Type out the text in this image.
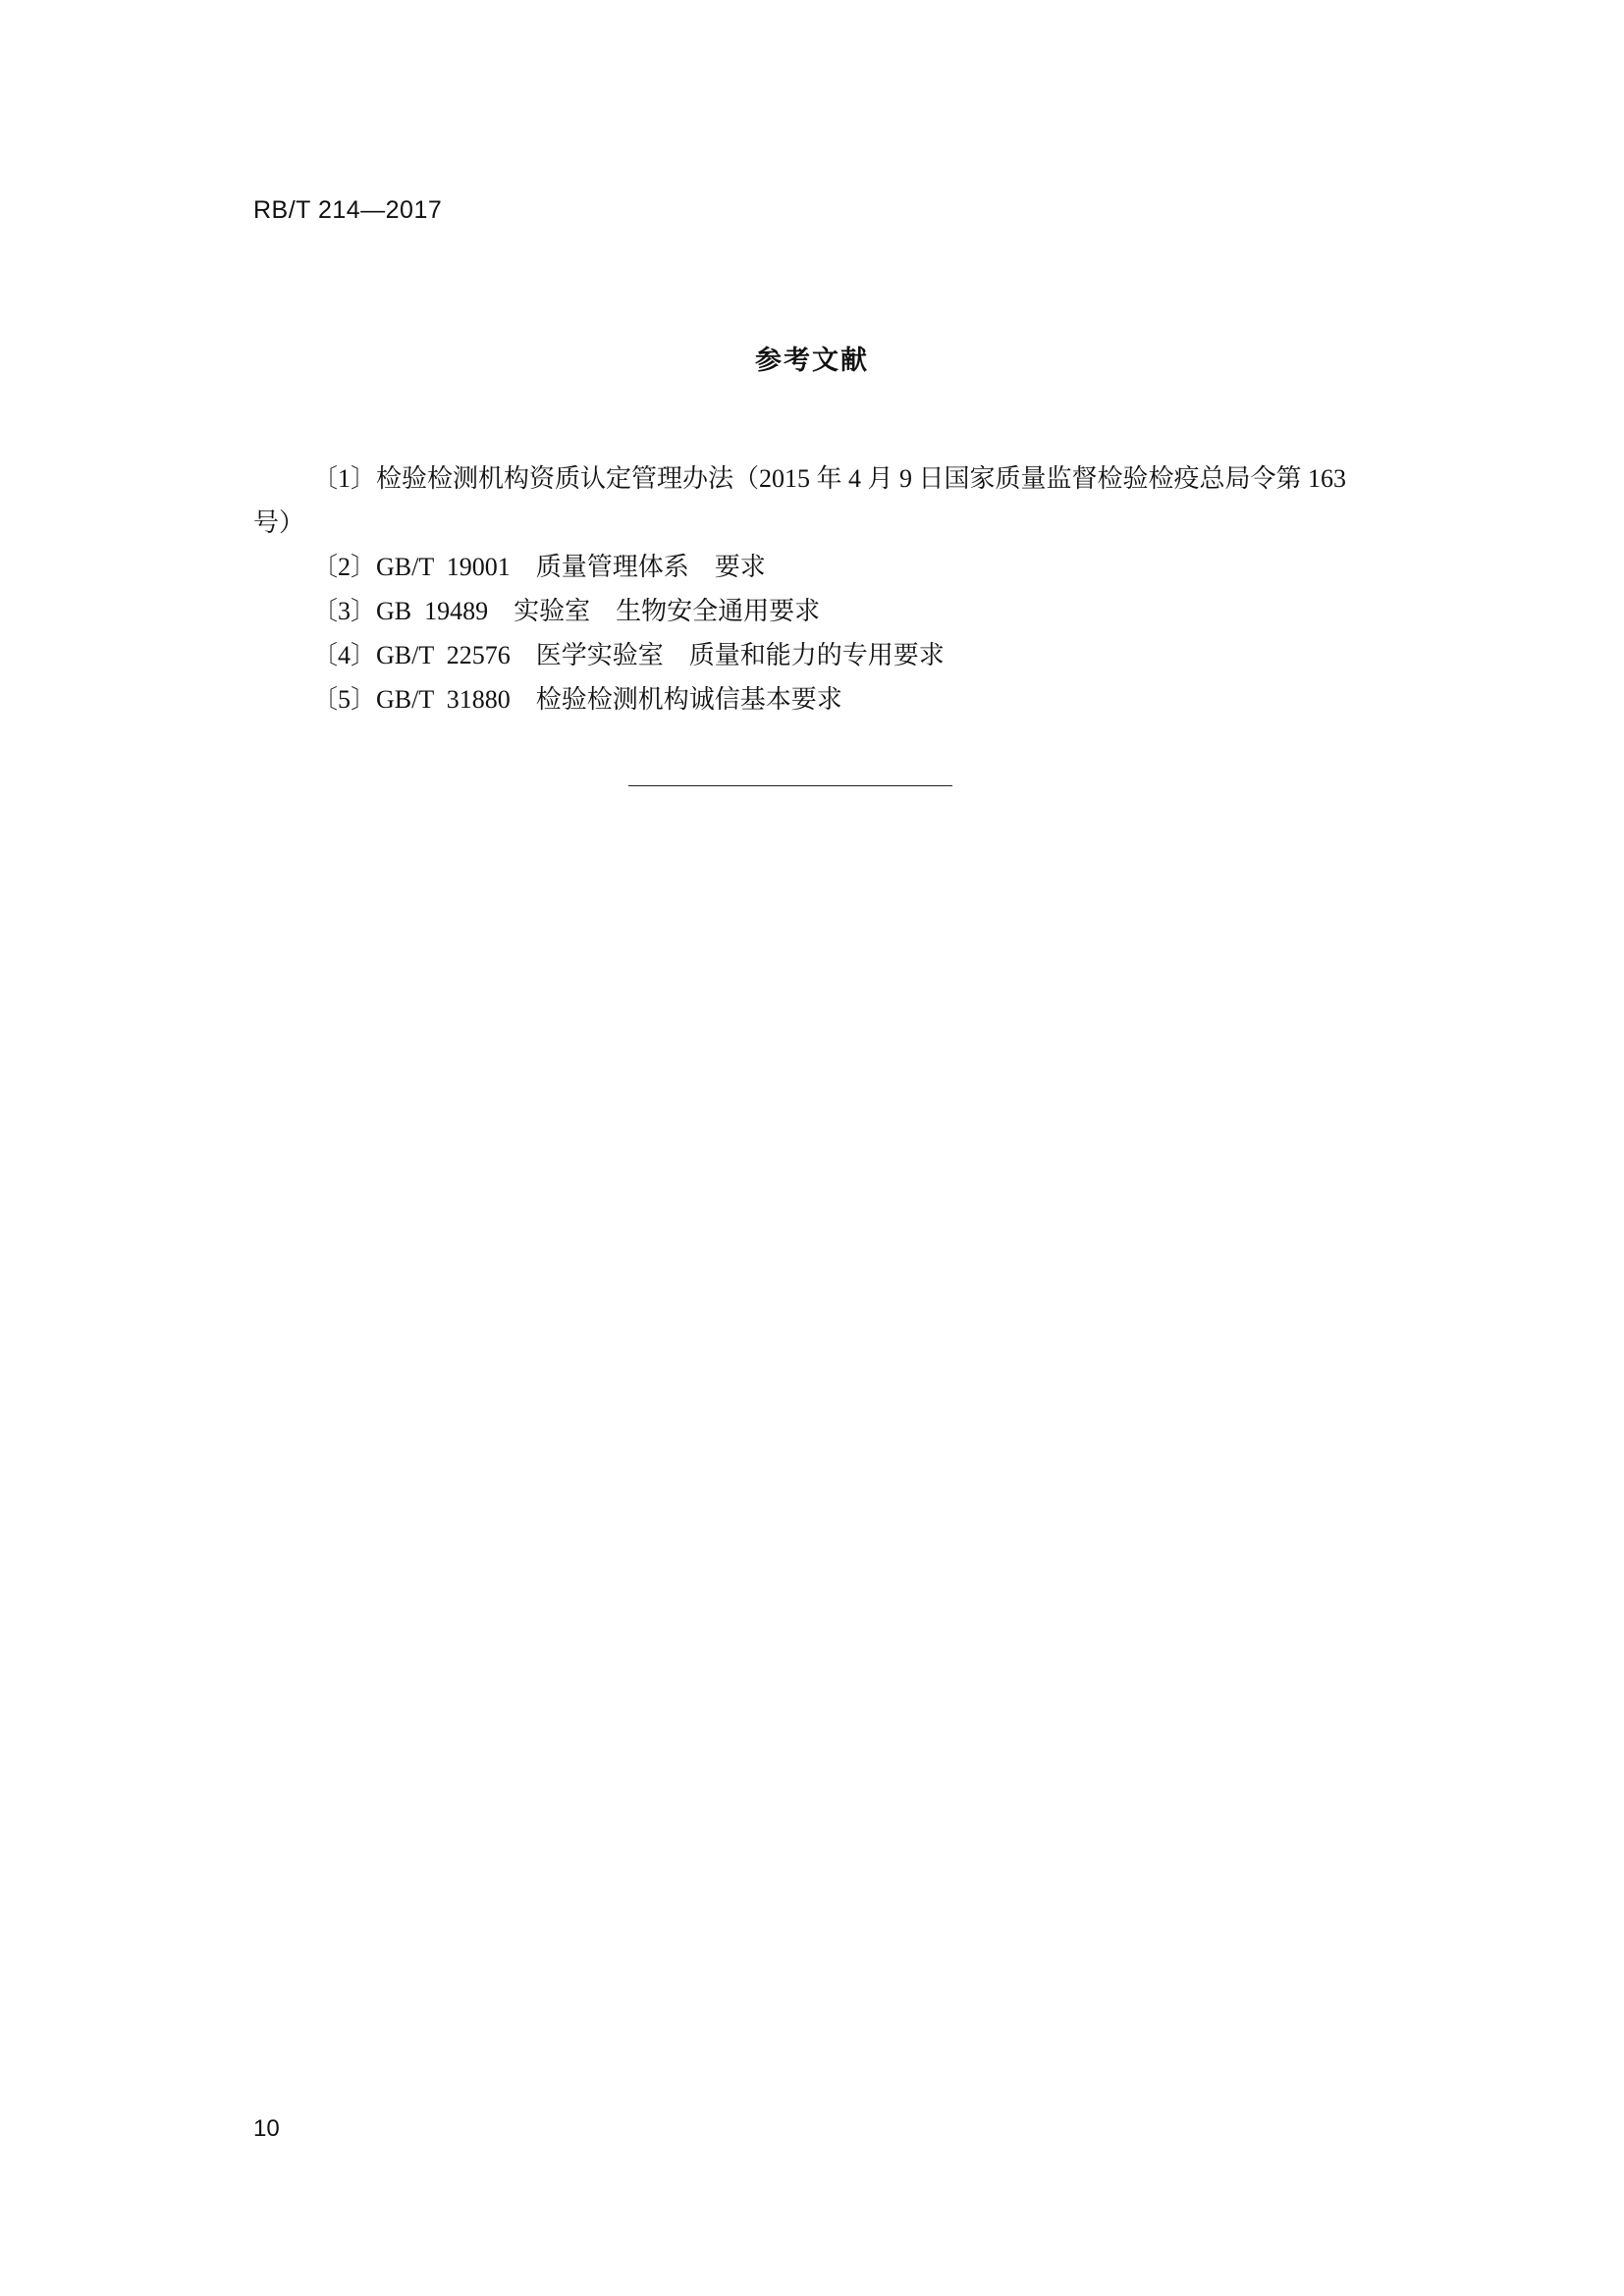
RB/T 214—2017
参考文献
〔1〕检验检测机构资质认定管理办法（2015 年 4 月 9 日国家质量监督检验检疫总局令第 163 号）
〔2〕GB/T  19001　质量管理体系　要求
〔3〕GB  19489　实验室　生物安全通用要求
〔4〕GB/T  22576　医学实验室　质量和能力的专用要求
〔5〕GB/T  31880　检验检测机构诚信基本要求
10
